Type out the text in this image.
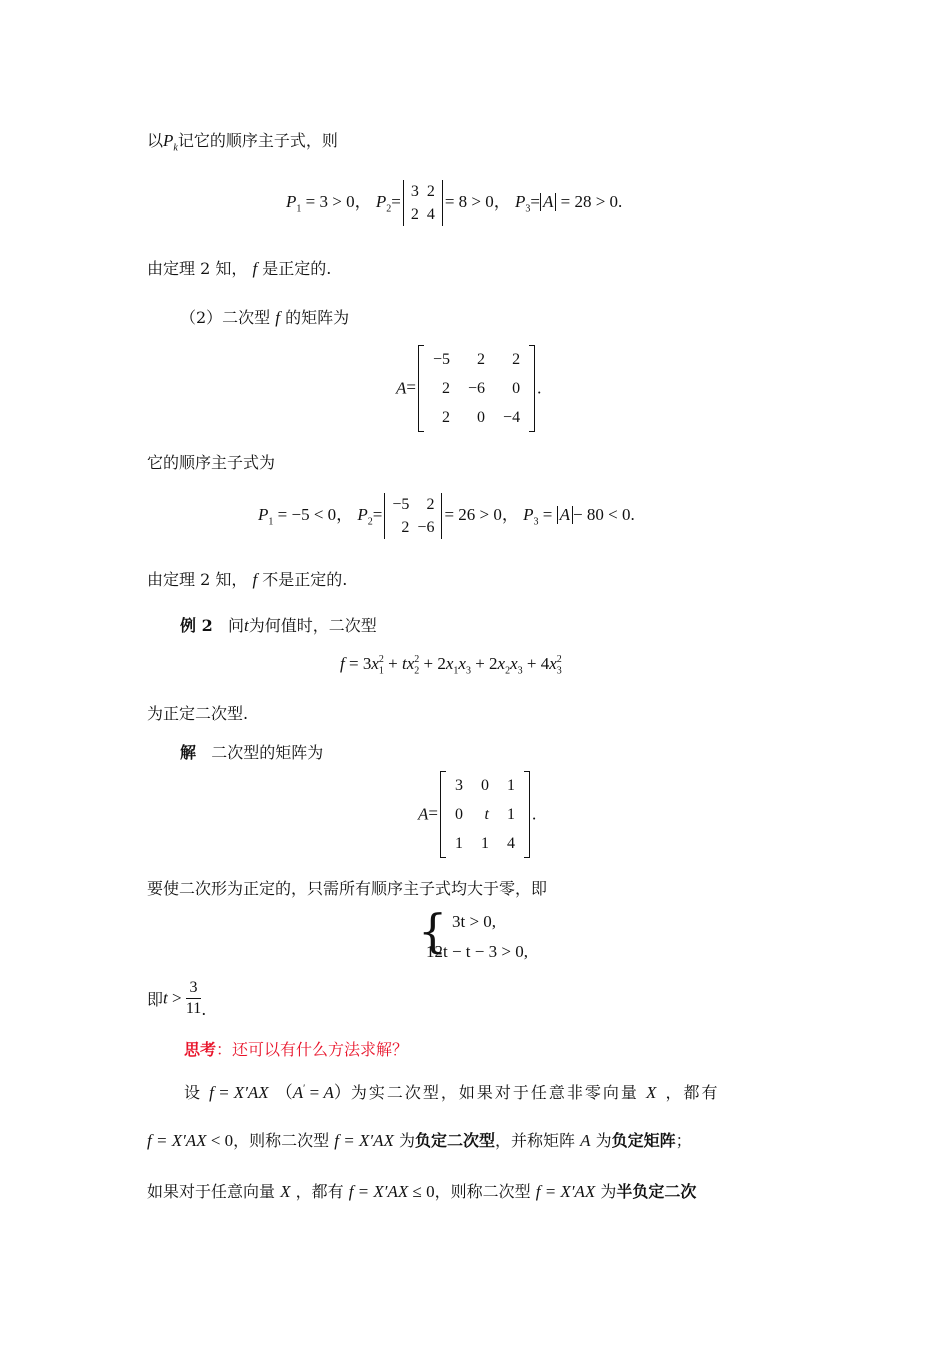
以$P_k$记它的顺序主子式，则
$P_1 = 3 > 0$， $P_2=$
3	2
2	4
= 8 > 0， $P_3= A = 28 > 0$.
由定理 2 知， f 是正定的.
（2）二次型 f 的矩阵为
A=
−5	2	2
2	−6	0
2	0	−4
.
它的顺序主子式为
$P_1 = -5 < 0$， $P_2=$
−5	2
2	−6
= 26 > 0， $P_3 = A - 80 < 0$.
由定理 2 知， f 不是正定的.
例 2 问t为何值时，二次型
$f = 3x_1^2 + tx_2^2 + 2x_1x_3 + 2x_2x_3 + 4x_3^2$
为正定二次型.
解 二次型的矩阵为
A=
3	0	1
0	t	1
1	1	4
.
要使二次形为正定的，只需所有顺序主子式均大于零，即
{ 3t > 0,
12t − t − 3 > 0,
即$t > \frac{3}{11}$ .
思考：还可以有什么方法求解？
设 f = X′AX （A′ = A）为实二次型，如果对于任意非零向量 X ，都有
f = X′AX < 0，则称二次型 f = X′AX 为负定二次型，并称矩阵 A 为负定矩阵；
如果对于任意向量 X ，都有 f = X′AX ≤ 0，则称二次型 f = X′AX 为半负定二次
